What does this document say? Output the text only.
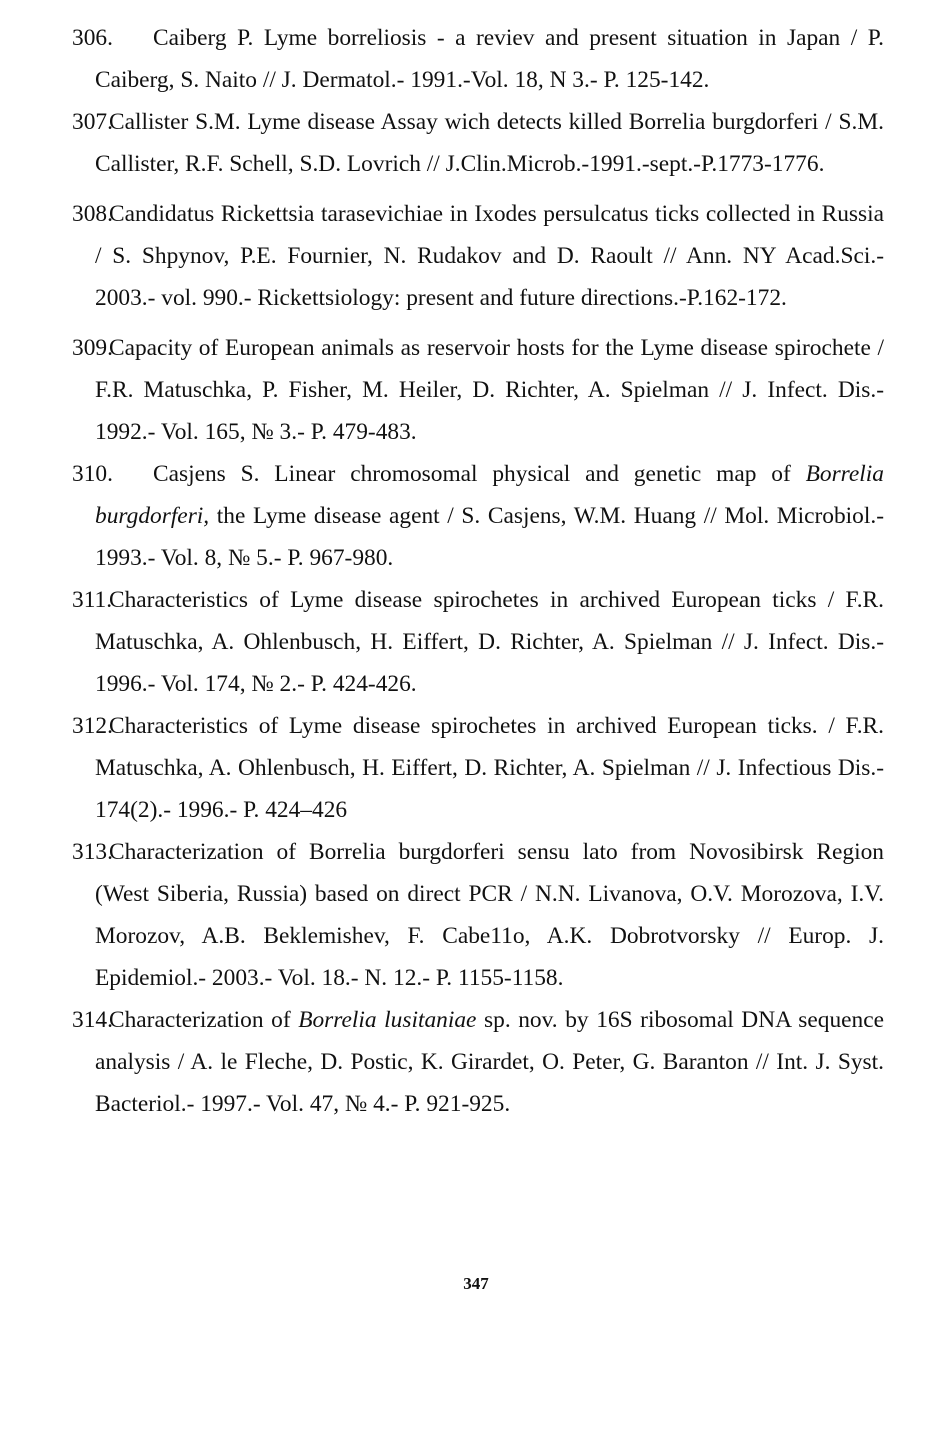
306. Caiberg P. Lyme borreliosis - a reviev and present situation in Japan / P. Caiberg, S. Naito // J. Dermatol.- 1991.-Vol. 18, N 3.- P. 125-142.
307.
Callister S.M. Lyme disease Assay wich detects killed Borrelia burgdorferi / S.M. Callister, R.F. Schell, S.D. Lovrich // J.Clin.Microb.-1991.-sept.-P.1773-1776.
308.
Candidatus Rickettsia tarasevichiae in Ixodes persulcatus ticks collected in Russia / S. Shpynov, P.E. Fournier, N. Rudakov and D. Raoult // Ann. NY Acad.Sci.- 2003.- vol. 990.- Rickettsiology: present and future directions.-P.162-172.
309.
Capacity of European animals as reservoir hosts for the Lyme disease spirochete / F.R. Matuschka, P. Fisher, M. Heiler, D. Richter, A. Spielman // J. Infect. Dis.- 1992.- Vol. 165, № 3.- P. 479-483.
310. Casjens S. Linear chromosomal physical and genetic map of Borrelia burgdorferi, the Lyme disease agent / S. Casjens, W.M. Huang // Mol. Microbiol.- 1993.- Vol. 8, № 5.- P. 967-980.
311.
Characteristics of Lyme disease spirochetes in archived European ticks / F.R. Matuschka, A. Ohlenbusch, H. Eiffert, D. Richter, A. Spielman // J. Infect. Dis.- 1996.- Vol. 174, № 2.- P. 424-426.
312.
Characteristics of Lyme disease spirochetes in archived European ticks. / F.R. Matuschka, A. Ohlenbusch, H. Eiffert, D. Richter, A. Spielman // J. Infectious Dis.- 174(2).- 1996.- P. 424–426
313.
Characterization of Borrelia burgdorferi sensu lato from Novosibirsk Region (West Siberia, Russia) based on direct PCR / N.N. Livanova, O.V. Morozova, I.V. Morozov, A.B. Beklemishev, F. Cabe11o, A.K. Dobrotvorsky // Europ. J. Epidemiol.- 2003.- Vol. 18.- N. 12.- P. 1155-1158.
314.
Characterization of Borrelia lusitaniae sp. nov. by 16S ribosomal DNA sequence analysis / A. le Fleche, D. Postic, K. Girardet, O. Peter, G. Baranton // Int. J. Syst. Bacteriol.- 1997.- Vol. 47, № 4.- P. 921-925.
347
